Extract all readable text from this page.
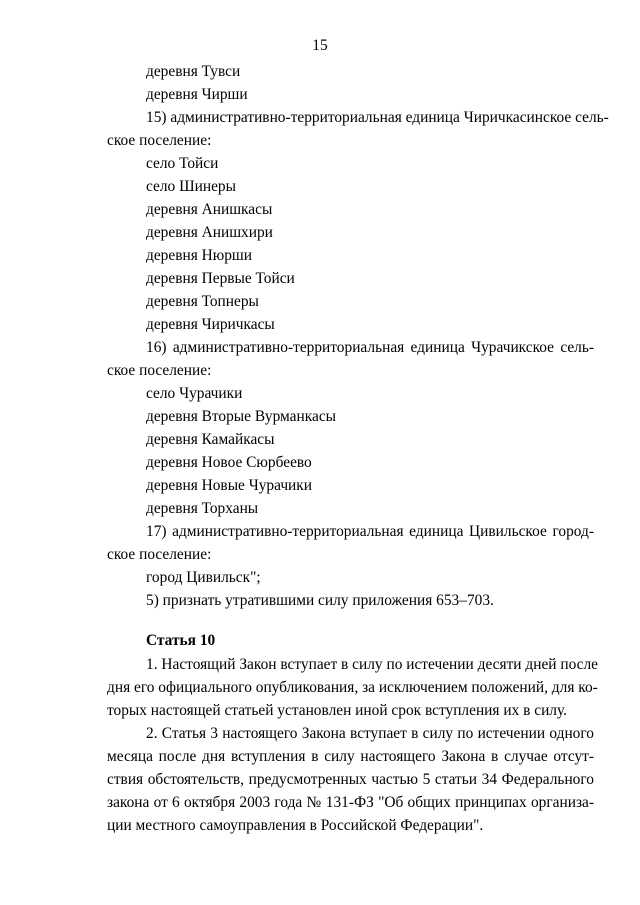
15
деревня Тувси
деревня Чирши
15) административно-территориальная единица Чиричкасинское сель-
ское поселение:
село Тойси
село Шинеры
деревня Анишкасы
деревня Анишхири
деревня Нюрши
деревня Первые Тойси
деревня Топнеры
деревня Чиричкасы
16) административно-территориальная единица Чурачикское сель-
ское поселение:
село Чурачики
деревня Вторые Вурманкасы
деревня Камайкасы
деревня Новое Сюрбеево
деревня Новые Чурачики
деревня Торханы
17) административно-территориальная единица Цивильское город-
ское поселение:
город Цивильск";
5) признать утратившими силу приложения 653–703.
Статья 10
1. Настоящий Закон вступает в силу по истечении десяти дней после
дня его официального опубликования, за исключением положений, для ко-
торых настоящей статьей установлен иной срок вступления их в силу.
2. Статья 3 настоящего Закона вступает в силу по истечении одного
месяца после дня вступления в силу настоящего Закона в случае отсут-
ствия обстоятельств, предусмотренных частью 5 статьи 34 Федерального
закона от 6 октября 2003 года № 131-ФЗ "Об общих принципах организа-
ции местного самоуправления в Российской Федерации".
